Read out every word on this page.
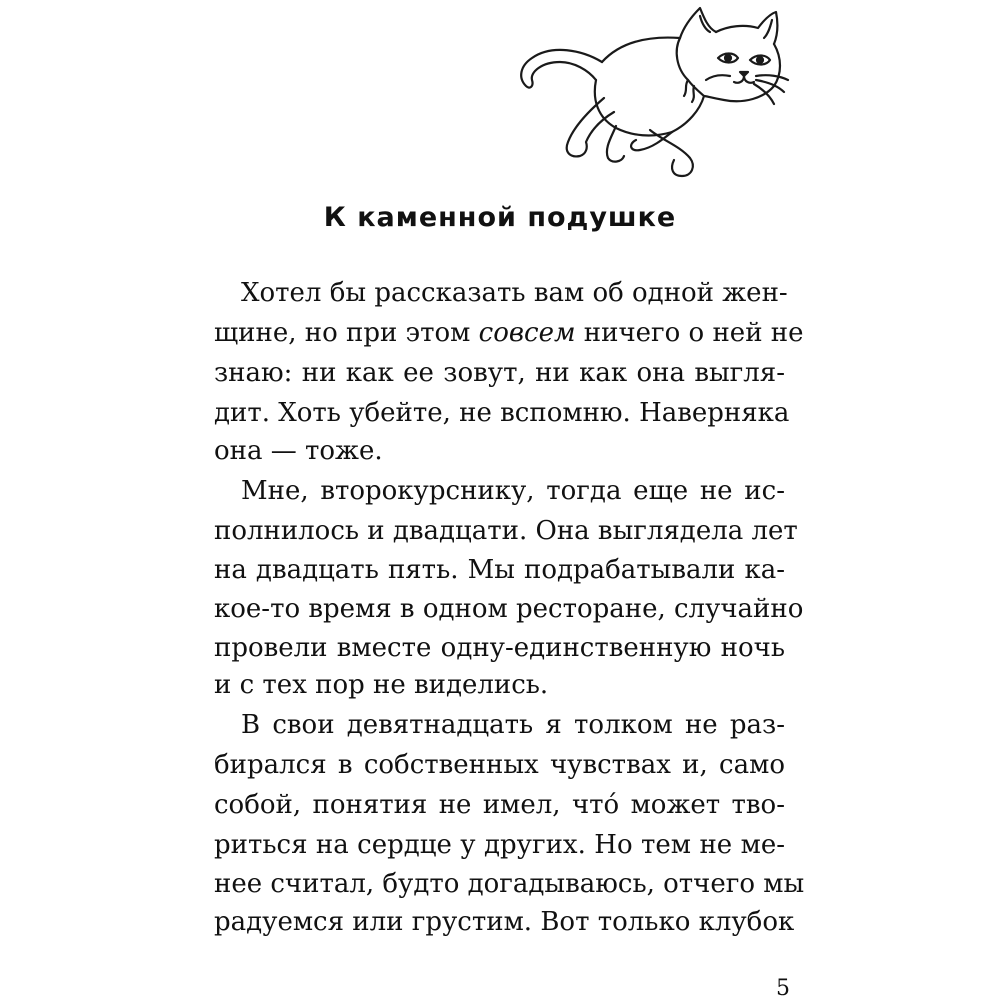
К каменной подушке
Хотел бы рассказать вам об одной жен-
щине, но при этом совсем ничего о ней не
знаю: ни как ее зовут, ни как она выгля-
дит. Хоть убейте, не вспомню. Наверняка
она — тоже.
Мне, второкурснику, тогда еще не ис-
полнилось и двадцати. Она выглядела лет
на двадцать пять. Мы подрабатывали ка-
кое-то время в одном ресторане, случайно
провели вместе одну-единственную ночь
и с тех пор не виделись.
В свои девятнадцать я толком не раз-
бирался в собственных чувствах и, само
собой, понятия не имел, что́ может тво-
риться на сердце у других. Но тем не ме-
нее считал, будто догадываюсь, отчего мы
радуемся или грустим. Вот только клубок
5
